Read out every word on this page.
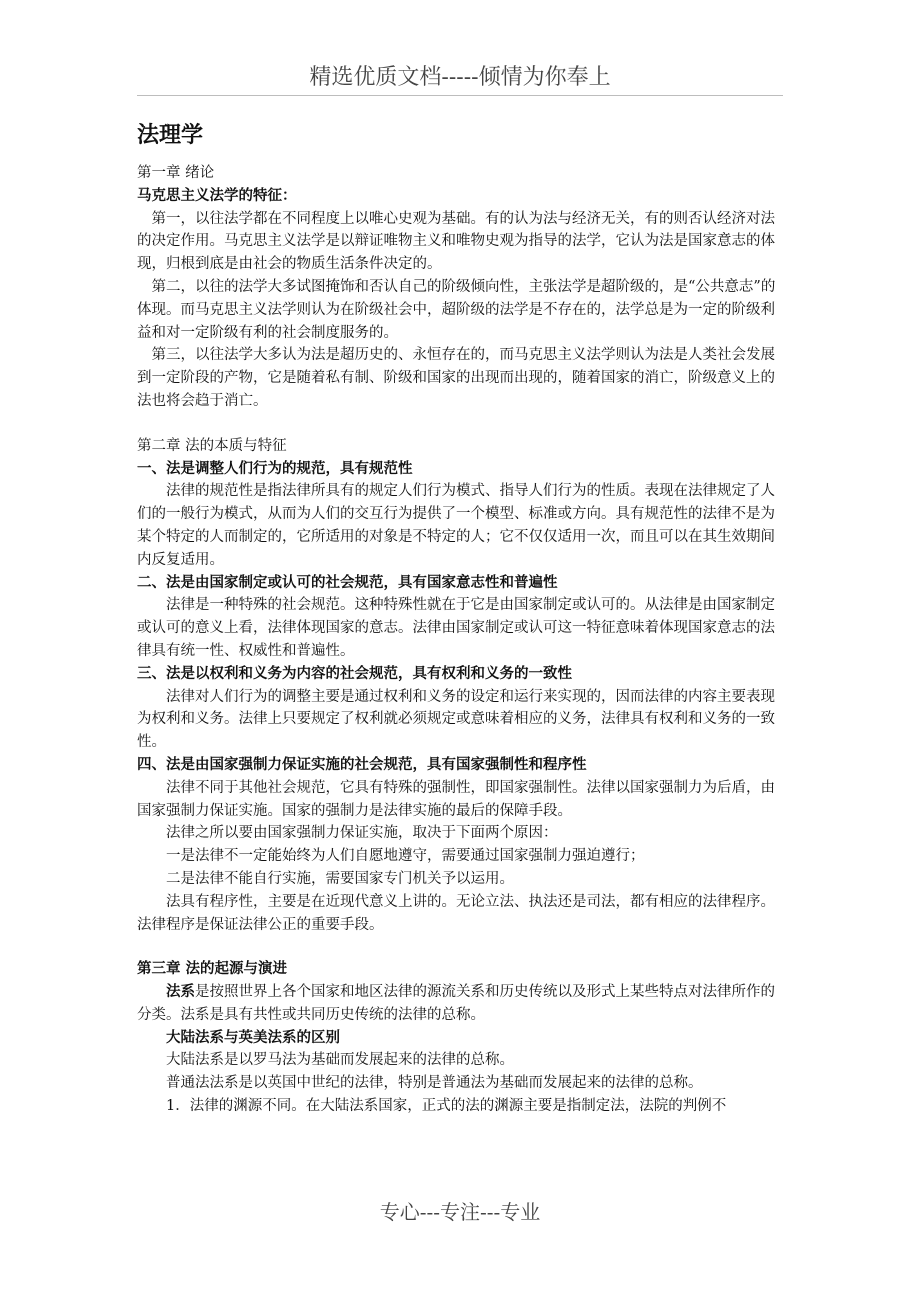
精选优质文档-----倾情为你奉上
法理学

第一章 绪论

马克思主义法学的特征：

第一，以往法学都在不同程度上以唯心史观为基础。有的认为法与经济无关，有的则否认经济对法的决定作用。马克思主义法学是以辩证唯物主义和唯物史观为指导的法学，它认为法是国家意志的体现，归根到底是由社会的物质生活条件决定的。

第二，以往的法学大多试图掩饰和否认自己的阶级倾向性，主张法学是超阶级的，是“公共意志”的体现。而马克思主义法学则认为在阶级社会中，超阶级的法学是不存在的，法学总是为一定的阶级利益和对一定阶级有利的社会制度服务的。

第三，以往法学大多认为法是超历史的、永恒存在的，而马克思主义法学则认为法是人类社会发展到一定阶段的产物，它是随着私有制、阶级和国家的出现而出现的，随着国家的消亡，阶级意义上的法也将会趋于消亡。

第二章 法的本质与特征

一、法是调整人们行为的规范，具有规范性

法律的规范性是指法律所具有的规定人们行为模式、指导人们行为的性质。表现在法律规定了人们的一般行为模式，从而为人们的交互行为提供了一个模型、标准或方向。具有规范性的法律不是为某个特定的人而制定的，它所适用的对象是不特定的人；它不仅仅适用一次，而且可以在其生效期间内反复适用。

二、法是由国家制定或认可的社会规范，具有国家意志性和普遍性

法律是一种特殊的社会规范。这种特殊性就在于它是由国家制定或认可的。从法律是由国家制定或认可的意义上看，法律体现国家的意志。法律由国家制定或认可这一特征意味着体现国家意志的法律具有统一性、权威性和普遍性。

三、法是以权利和义务为内容的社会规范，具有权利和义务的一致性

法律对人们行为的调整主要是通过权利和义务的设定和运行来实现的，因而法律的内容主要表现为权利和义务。法律上只要规定了权利就必须规定或意味着相应的义务，法律具有权利和义务的一致性。

四、法是由国家强制力保证实施的社会规范，具有国家强制性和程序性

法律不同于其他社会规范，它具有特殊的强制性，即国家强制性。法律以国家强制力为后盾，由国家强制力保证实施。国家的强制力是法律实施的最后的保障手段。

法律之所以要由国家强制力保证实施，取决于下面两个原因：

一是法律不一定能始终为人们自愿地遵守，需要通过国家强制力强迫遵行；

二是法律不能自行实施，需要国家专门机关予以运用。

法具有程序性，主要是在近现代意义上讲的。无论立法、执法还是司法，都有相应的法律程序。法律程序是保证法律公正的重要手段。

第三章 法的起源与演进

法系是按照世界上各个国家和地区法律的源流关系和历史传统以及形式上某些特点对法律所作的分类。法系是具有共性或共同历史传统的法律的总称。

大陆法系与英美法系的区别

大陆法系是以罗马法为基础而发展起来的法律的总称。

普通法法系是以英国中世纪的法律，特别是普通法为基础而发展起来的法律的总称。

1．法律的渊源不同。在大陆法系国家，正式的法的渊源主要是指制定法，法院的判例不

专心---专注---专业
